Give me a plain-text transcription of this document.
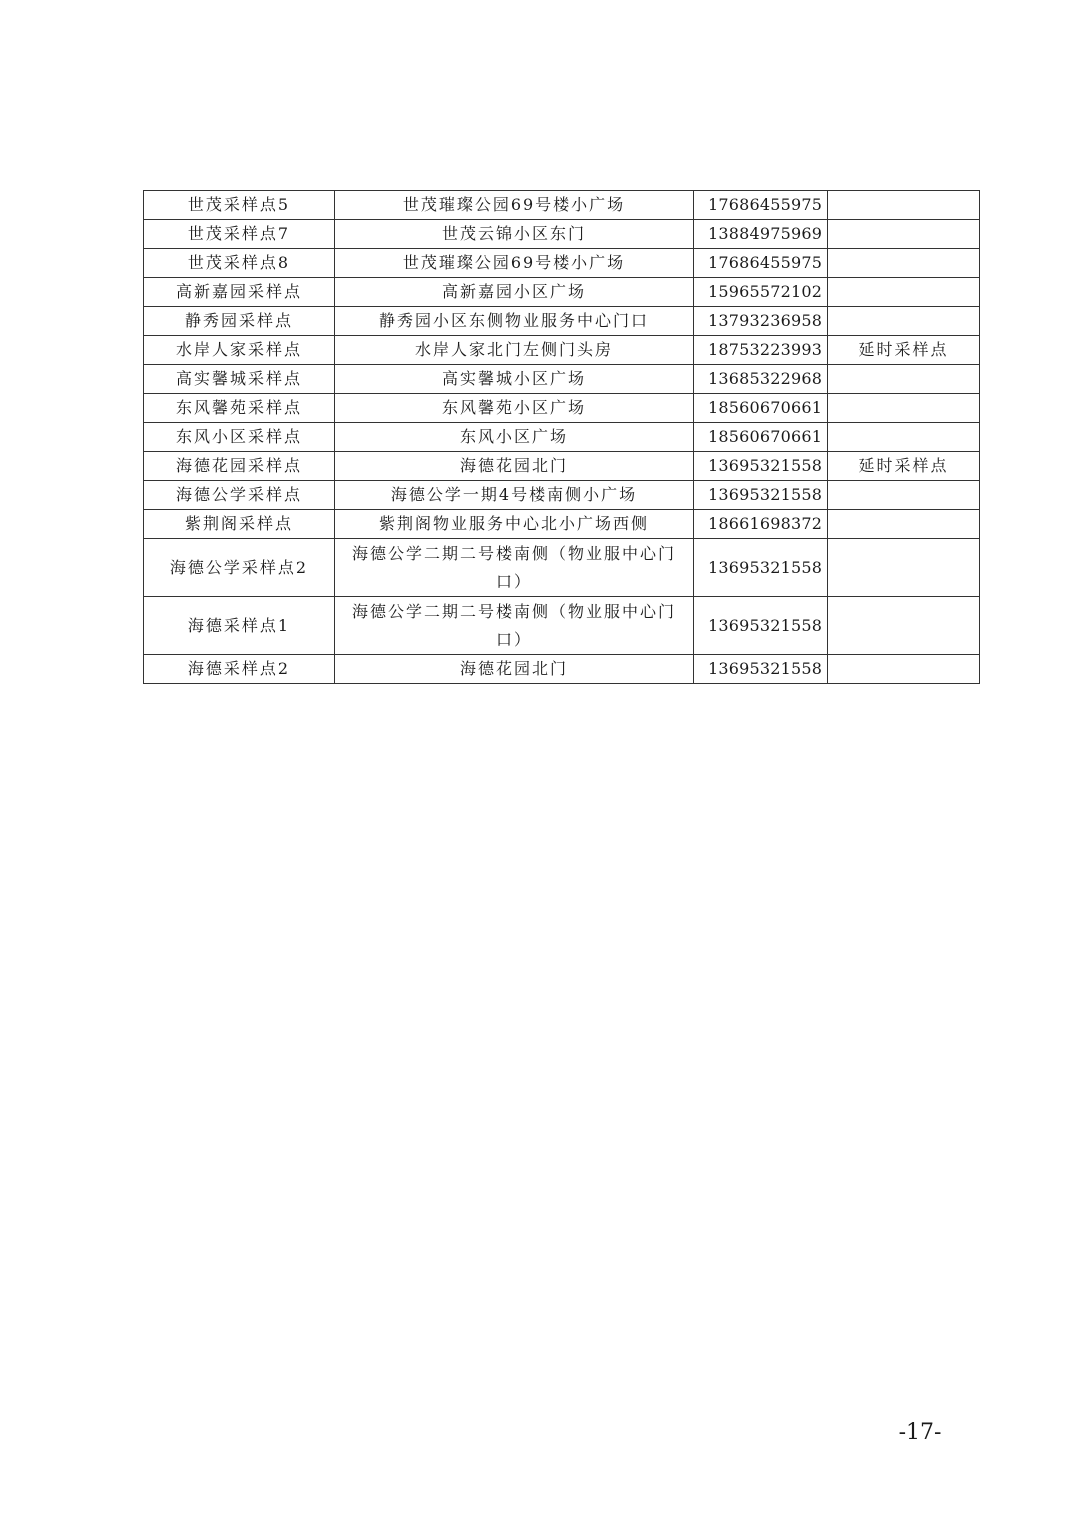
世茂采样点5	世茂璀璨公园69号楼小广场	17686455975	
世茂采样点7	世茂云锦小区东门	13884975969	
世茂采样点8	世茂璀璨公园69号楼小广场	17686455975	
高新嘉园采样点	高新嘉园小区广场	15965572102	
静秀园采样点	静秀园小区东侧物业服务中心门口	13793236958	
水岸人家采样点	水岸人家北门左侧门头房	18753223993	延时采样点
高实馨城采样点	高实馨城小区广场	13685322968	
东风馨苑采样点	东风馨苑小区广场	18560670661	
东风小区采样点	东风小区广场	18560670661	
海德花园采样点	海德花园北门	13695321558	延时采样点
海德公学采样点	海德公学一期4号楼南侧小广场	13695321558	
紫荆阁采样点	紫荆阁物业服务中心北小广场西侧	18661698372	
海德公学采样点2	海德公学二期二号楼南侧（物业服中心门口）	13695321558	
海德采样点1	海德公学二期二号楼南侧（物业服中心门口）	13695321558	
海德采样点2	海德花园北门	13695321558	
-17-
